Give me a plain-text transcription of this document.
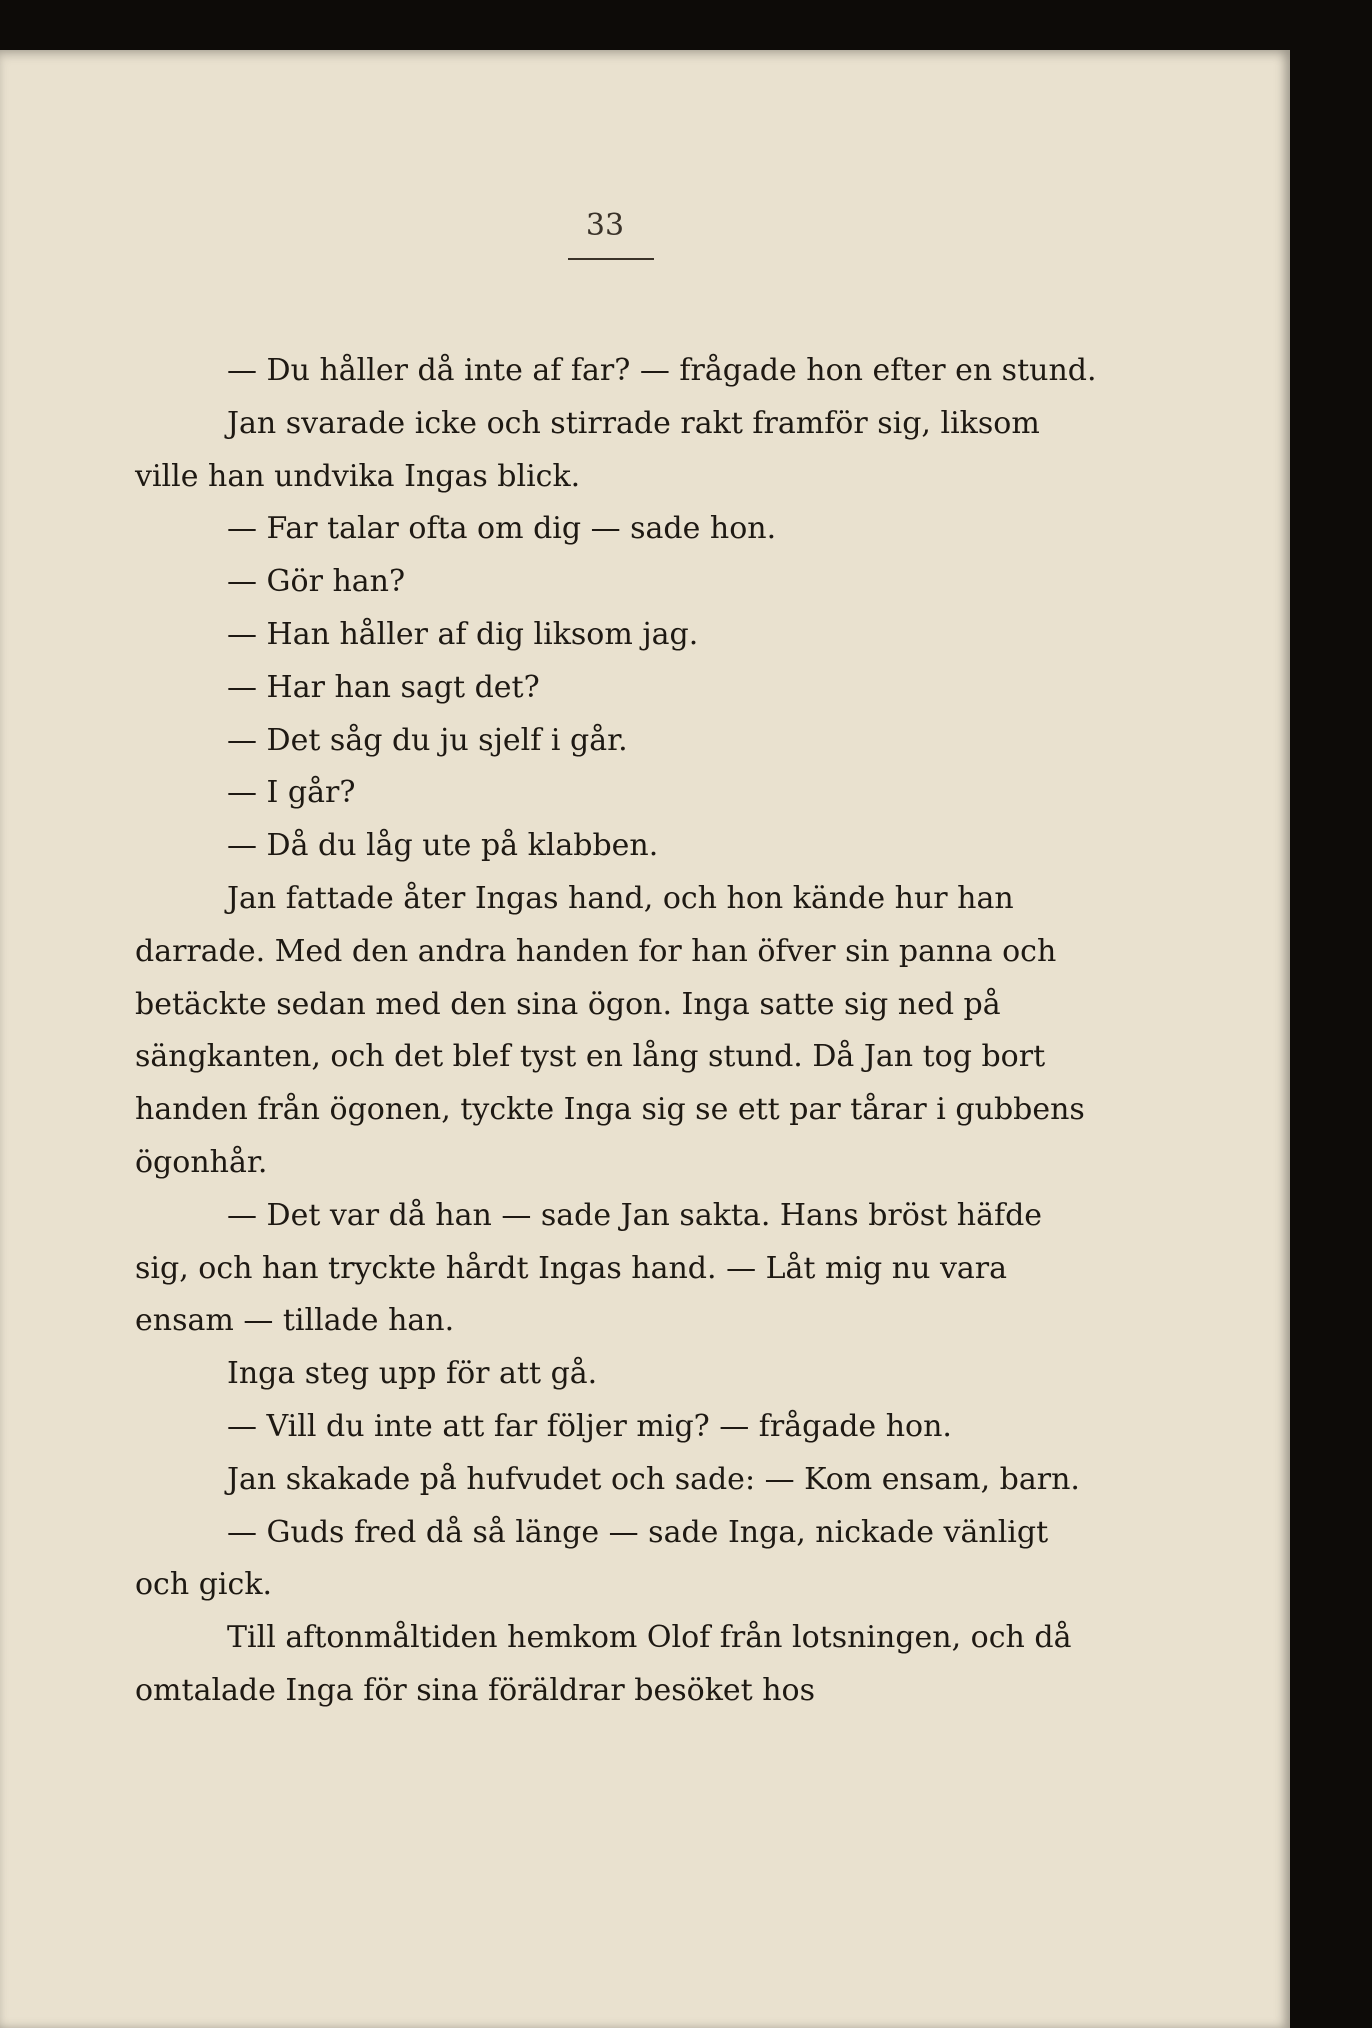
33

— Du håller då inte af far? — frågade hon efter en stund.

Jan svarade icke och stirrade rakt framför sig, liksom ville han undvika Ingas blick.

— Far talar ofta om dig — sade hon.

— Gör han?

— Han håller af dig liksom jag.

— Har han sagt det?

— Det såg du ju sjelf i går.

— I går?

— Då du låg ute på klabben.

Jan fattade åter Ingas hand, och hon kände hur han darrade. Med den andra handen for han öfver sin panna och betäckte sedan med den sina ögon. Inga satte sig ned på sängkanten, och det blef tyst en lång stund. Då Jan tog bort handen från ögonen, tyckte Inga sig se ett par tårar i gubbens ögonhår.

— Det var då han — sade Jan sakta. Hans bröst häfde sig, och han tryckte hårdt Ingas hand. — Låt mig nu vara ensam — tillade han.

Inga steg upp för att gå.

— Vill du inte att far följer mig? — frågade hon.

Jan skakade på hufvudet och sade: — Kom ensam, barn.

— Guds fred då så länge — sade Inga, nickade vänligt och gick.

Till aftonmåltiden hemkom Olof från lotsningen, och då omtalade Inga för sina föräldrar besöket hos
